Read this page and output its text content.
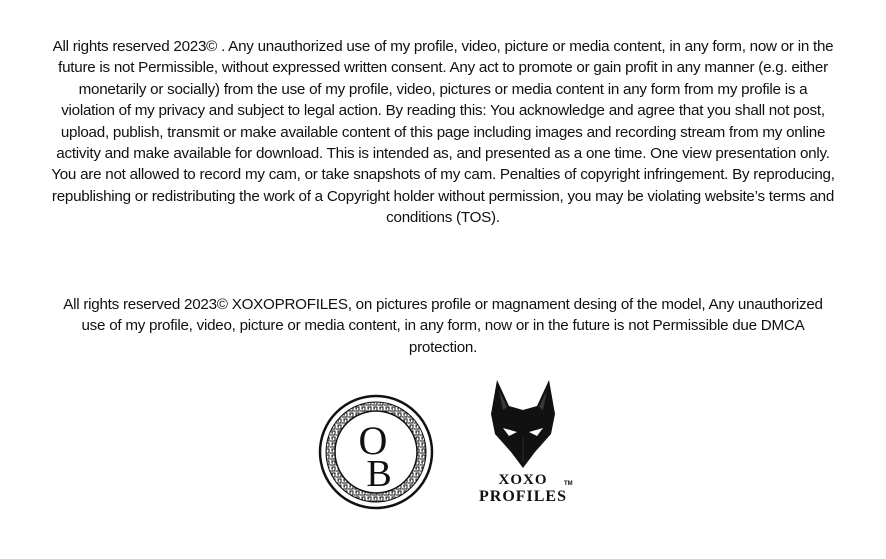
All rights reserved 2023© . Any unauthorized use of my profile, video, picture or media content, in any form, now or in the future is not Permissible, without expressed written consent. Any act to promote or gain profit in any manner (e.g. either monetarily or socially) from the use of my profile, video, pictures or media content in any form from my profile is a violation of my privacy and subject to legal action. By reading this: You acknowledge and agree that you shall not post, upload, publish, transmit or make available content of this page including images and recording stream from my online activity and make available for download. This is intended as, and presented as a one time. One view presentation only. You are not allowed to record my cam, or take snapshots of my cam. Penalties of copyright infringement. By reproducing, republishing or redistributing the work of a Copyright holder without permission, you may be violating website’s terms and conditions (TOS).

All rights reserved 2023© XOXOPROFILES, on pictures profile or magnament desing of the model, Any unauthorized use of my profile, video, picture or media content, in any form, now or in the future is not Permissible due DMCA protection.

O
B	XOXO
PROFILES
TM
